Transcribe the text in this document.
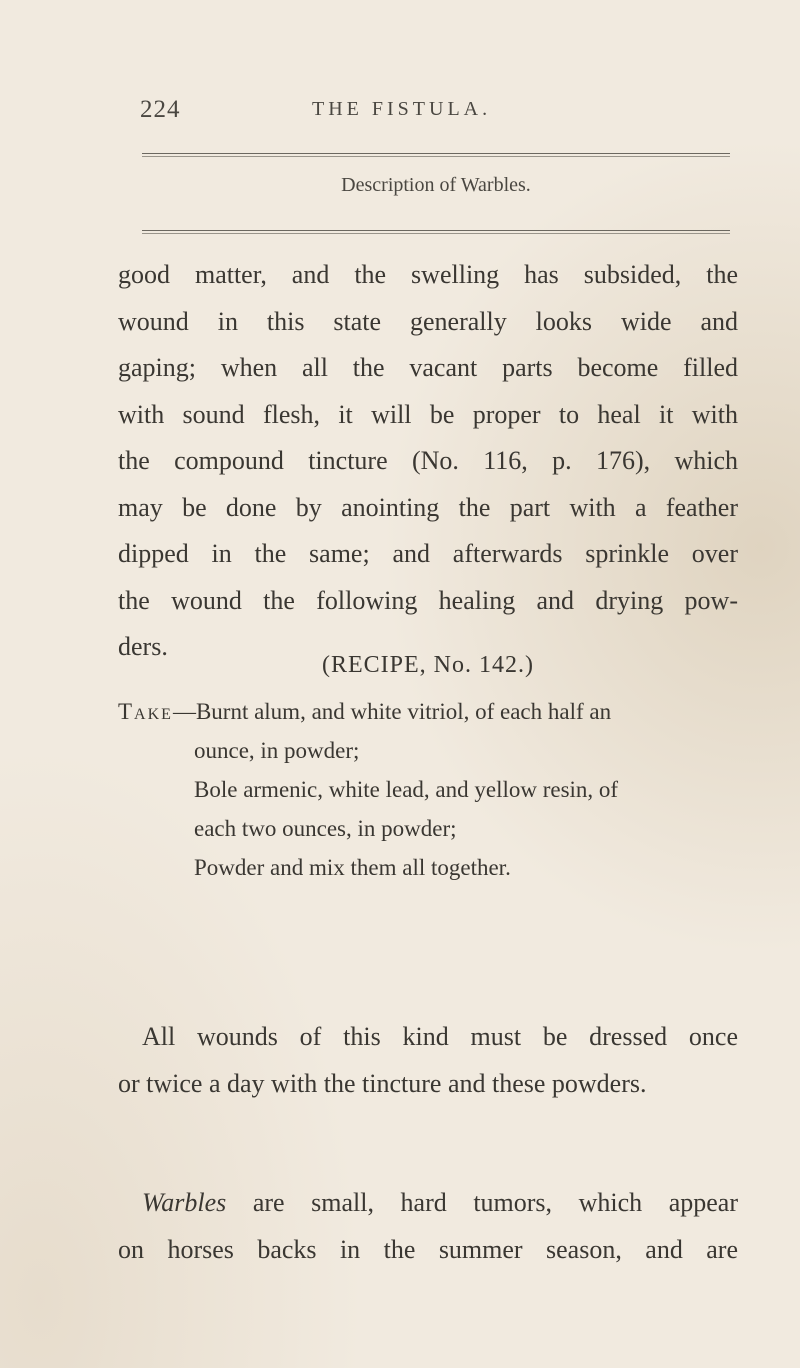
224	THE FISTULA.
Description of Warbles.
good matter, and the swelling has subsided, the
wound in this state generally looks wide and
gaping; when all the vacant parts become filled
with sound flesh, it will be proper to heal it with
the compound tincture (No. 116, p. 176), which
may be done by anointing the part with a feather
dipped in the same; and afterwards sprinkle over
the wound the following healing and drying pow-
ders.
(RECIPE, No. 142.)
Take—Burnt alum, and white vitriol, of each half an
ounce, in powder;
Bole armenic, white lead, and yellow resin, of
each two ounces, in powder;
Powder and mix them all together.
All wounds of this kind must be dressed once
or twice a day with the tincture and these powders.
Warbles are small, hard tumors, which appear
on horses backs in the summer season, and are
